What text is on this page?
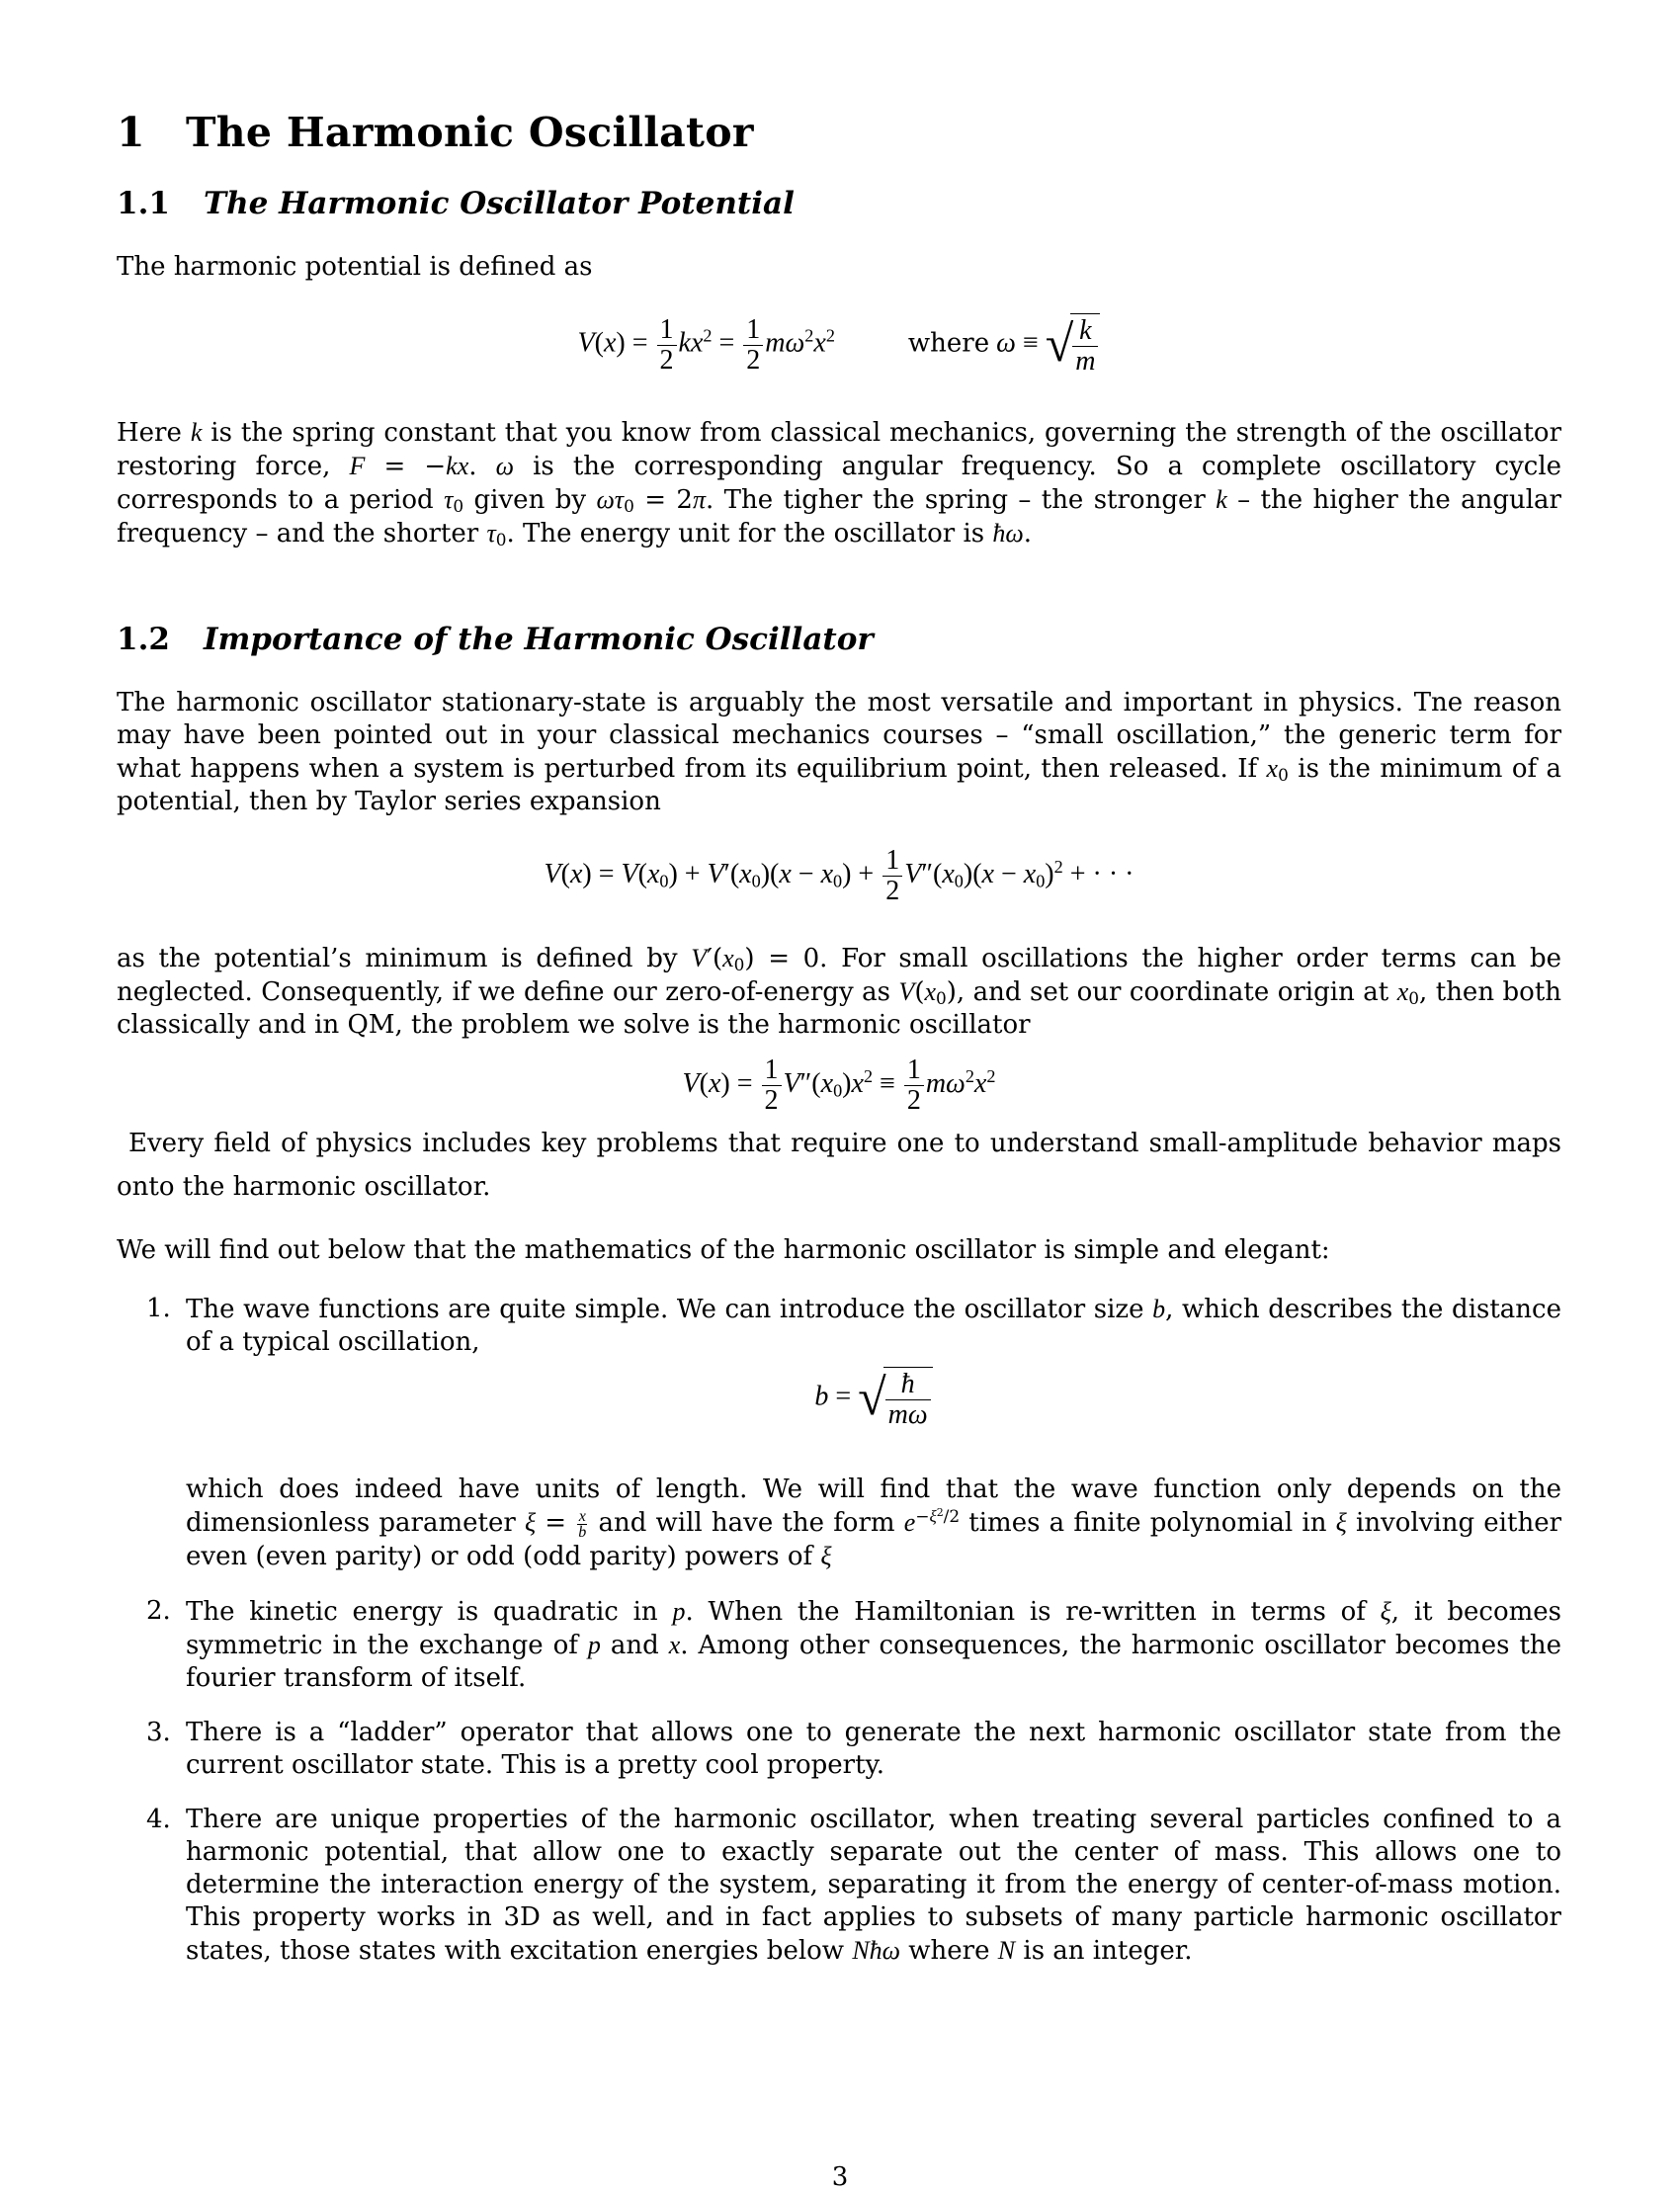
1 The Harmonic Oscillator
1.1 The Harmonic Oscillator Potential

The harmonic potential is defined as

$V(x) = \frac{1}{2} kx^2 = \frac{1}{2} m\omega^2x^2$	where ω ≡ √ $\frac{k}{m}$

Here k is the spring constant that you know from classical mechanics, governing the strength of the oscillator restoring force, F = −kx. ω is the corresponding angular frequency. So a complete oscillatory cycle corresponds to a period $\tau_0$ given by $\omega\tau_0 = 2\pi$. The tigher the spring – the stronger k – the higher the angular frequency – and the shorter $\tau_0$. The energy unit for the oscillator is ħω.

1.2 Importance of the Harmonic Oscillator

The harmonic oscillator stationary-state is arguably the most versatile and important in physics. Tne reason may have been pointed out in your classical mechanics courses – “small oscillation,” the generic term for what happens when a system is perturbed from its equilibrium point, then released. If $x_0$ is the minimum of a potential, then by Taylor series expansion

$V(x) = V(x_0) + V'(x_0)(x - x_0) + \frac{1}{2} V''(x_0)(x - x_0)^2$ + · · ·

as the potential’s minimum is defined by $V'(x_0) = 0$. For small oscillations the higher order terms can be neglected. Consequently, if we define our zero-of-energy as $V(x_0)$, and set our coordinate origin at $x_0$, then both classically and in QM, the problem we solve is the harmonic oscillator

$V(x) = \frac{1}{2} V''(x_0)x^2 \equiv \frac{1}{2} m\omega^2x^2$

Every field of physics includes key problems that require one to understand small-amplitude behavior maps onto the harmonic oscillator.

We will find out below that the mathematics of the harmonic oscillator is simple and elegant:

1. The wave functions are quite simple. We can introduce the oscillator size b, which describes the distance of a typical oscillation,
b = √ $\frac{ħ}{m\omega}$
which does indeed have units of length. We will find that the wave function only depends on the dimensionless parameter $\xi = \frac{x}{b}$ and will have the form $e^{-\xi^2/2}$ times a finite polynomial in ξ involving either even (even parity) or odd (odd parity) powers of ξ
2. The kinetic energy is quadratic in p. When the Hamiltonian is re-written in terms of ξ, it becomes symmetric in the exchange of p and x. Among other consequences, the harmonic oscillator becomes the fourier transform of itself.
3. There is a “ladder” operator that allows one to generate the next harmonic oscillator state from the current oscillator state. This is a pretty cool property.
4. There are unique properties of the harmonic oscillator, when treating several particles confined to a harmonic potential, that allow one to exactly separate out the center of mass. This allows one to determine the interaction energy of the system, separating it from the energy of center-of-mass motion. This property works in 3D as well, and in fact applies to subsets of many particle harmonic oscillator states, those states with excitation energies below Nħω where N is an integer.
3
